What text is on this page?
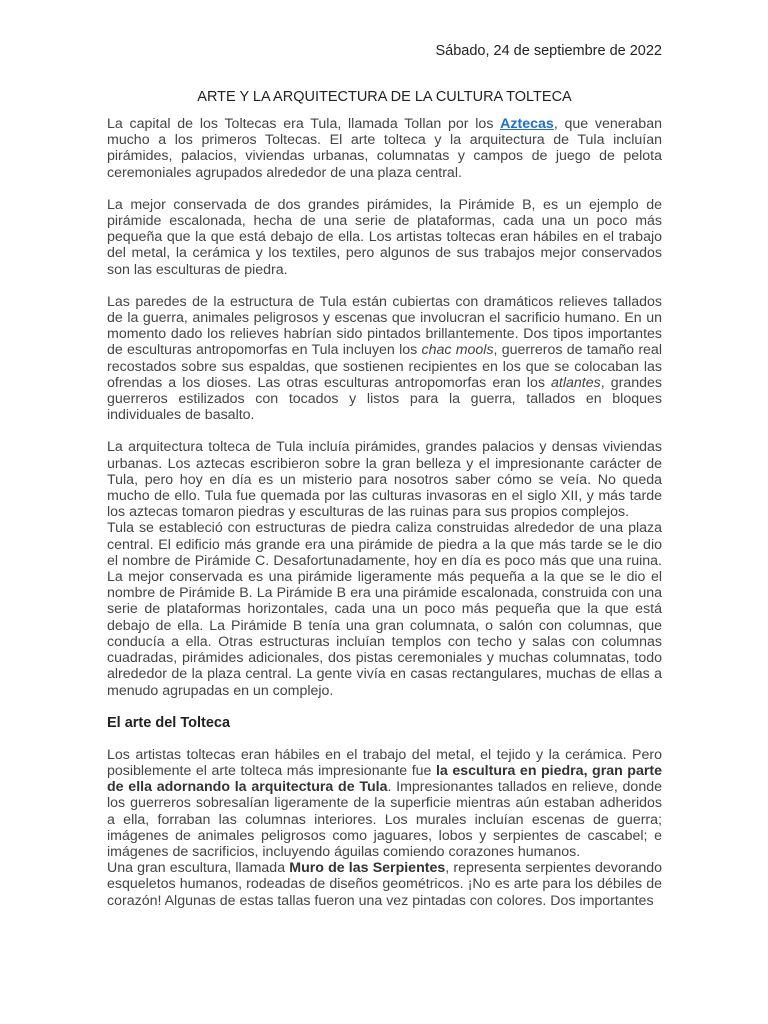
Sábado, 24 de septiembre de 2022
ARTE Y LA ARQUITECTURA DE LA CULTURA TOLTECA

La capital de los Toltecas era Tula, llamada Tollan por los Aztecas, que veneraban mucho a los primeros Toltecas. El arte tolteca y la arquitectura de Tula incluían pirámides, palacios, viviendas urbanas, columnatas y campos de juego de pelota ceremoniales agrupados alrededor de una plaza central.

La mejor conservada de dos grandes pirámides, la Pirámide B, es un ejemplo de pirámide escalonada, hecha de una serie de plataformas, cada una un poco más pequeña que la que está debajo de ella. Los artistas toltecas eran hábiles en el trabajo del metal, la cerámica y los textiles, pero algunos de sus trabajos mejor conservados son las esculturas de piedra.

Las paredes de la estructura de Tula están cubiertas con dramáticos relieves tallados de la guerra, animales peligrosos y escenas que involucran el sacrificio humano. En un momento dado los relieves habrían sido pintados brillantemente. Dos tipos importantes de esculturas antropomorfas en Tula incluyen los chac mools, guerreros de tamaño real recostados sobre sus espaldas, que sostienen recipientes en los que se colocaban las ofrendas a los dioses. Las otras esculturas antropomorfas eran los atlantes, grandes guerreros estilizados con tocados y listos para la guerra, tallados en bloques individuales de basalto.

La arquitectura tolteca de Tula incluía pirámides, grandes palacios y densas viviendas urbanas. Los aztecas escribieron sobre la gran belleza y el impresionante carácter de Tula, pero hoy en día es un misterio para nosotros saber cómo se veía. No queda mucho de ello. Tula fue quemada por las culturas invasoras en el siglo XII, y más tarde los aztecas tomaron piedras y esculturas de las ruinas para sus propios complejos.

Tula se estableció con estructuras de piedra caliza construidas alrededor de una plaza central. El edificio más grande era una pirámide de piedra a la que más tarde se le dio el nombre de Pirámide C. Desafortunadamente, hoy en día es poco más que una ruina. La mejor conservada es una pirámide ligeramente más pequeña a la que se le dio el nombre de Pirámide B. La Pirámide B era una pirámide escalonada, construida con una serie de plataformas horizontales, cada una un poco más pequeña que la que está debajo de ella. La Pirámide B tenía una gran columnata, o salón con columnas, que conducía a ella. Otras estructuras incluían templos con techo y salas con columnas cuadradas, pirámides adicionales, dos pistas ceremoniales y muchas columnatas, todo alrededor de la plaza central. La gente vivía en casas rectangulares, muchas de ellas a menudo agrupadas en un complejo.

El arte del Tolteca

Los artistas toltecas eran hábiles en el trabajo del metal, el tejido y la cerámica. Pero posiblemente el arte tolteca más impresionante fue la escultura en piedra, gran parte de ella adornando la arquitectura de Tula. Impresionantes tallados en relieve, donde los guerreros sobresalían ligeramente de la superficie mientras aún estaban adheridos a ella, forraban las columnas interiores. Los murales incluían escenas de guerra; imágenes de animales peligrosos como jaguares, lobos y serpientes de cascabel; e imágenes de sacrificios, incluyendo águilas comiendo corazones humanos.

Una gran escultura, llamada Muro de las Serpientes, representa serpientes devorando esqueletos humanos, rodeadas de diseños geométricos. ¡No es arte para los débiles de corazón! Algunas de estas tallas fueron una vez pintadas con colores. Dos importantes
